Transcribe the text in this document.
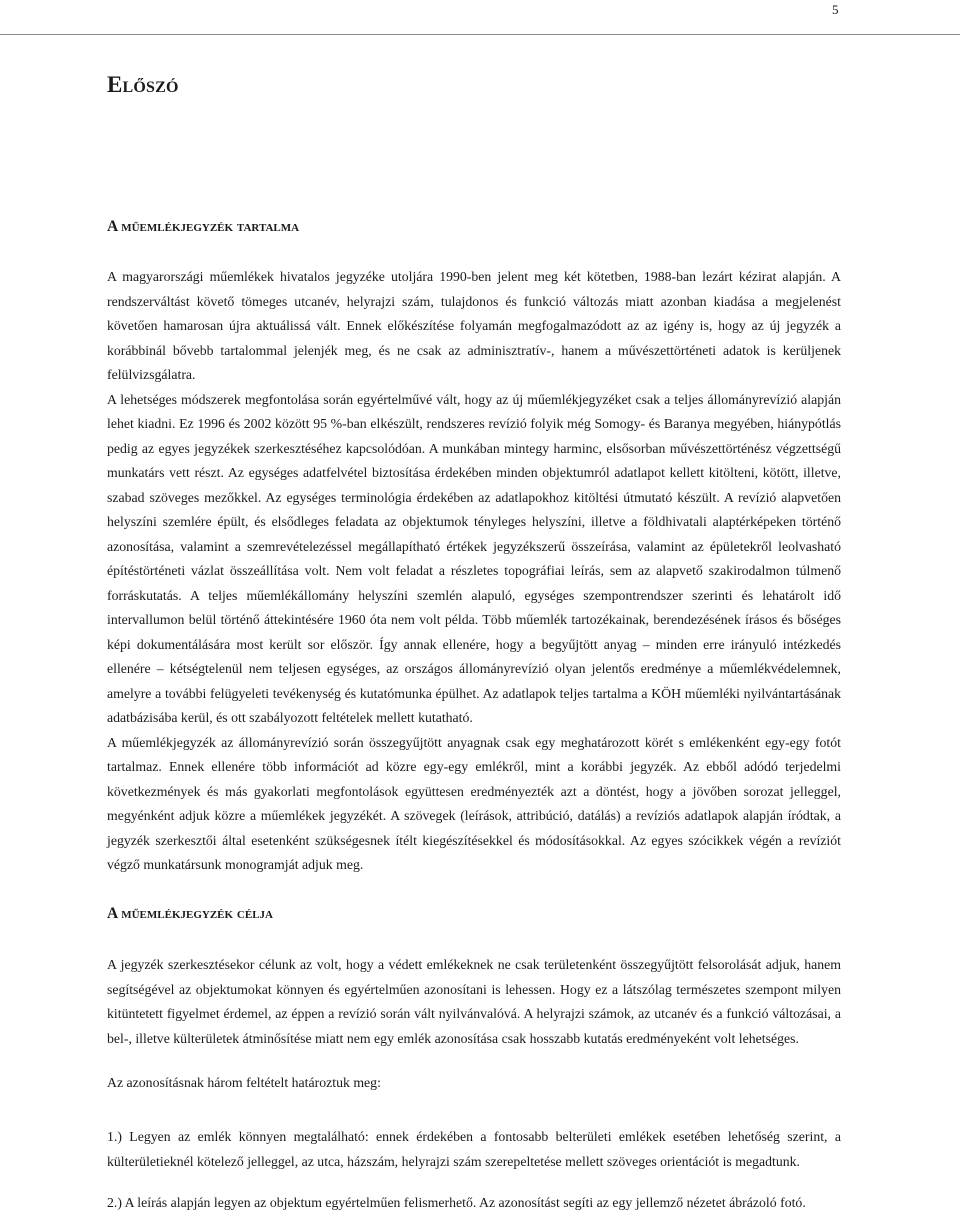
5
Előszó
A műemlékjegyzék tartalma

A magyarországi műemlékek hivatalos jegyzéke utoljára 1990-ben jelent meg két kötetben, 1988-ban lezárt kézirat alapján. A rendszerváltást követő tömeges utcanév, helyrajzi szám, tulajdonos és funkció változás miatt azonban kiadása a megjelenést követően hamarosan újra aktuálissá vált. Ennek előkészítése folyamán megfogalmazódott az az igény is, hogy az új jegyzék a korábbinál bővebb tartalommal jelenjék meg, és ne csak az adminisztratív-, hanem a művészettörténeti adatok is kerüljenek felülvizsgálatra.

A lehetséges módszerek megfontolása során egyértelművé vált, hogy az új műemlékjegyzéket csak a teljes állományrevízió alapján lehet kiadni. Ez 1996 és 2002 között 95 %-ban elkészült, rendszeres revízió folyik még Somogy- és Baranya megyében, hiánypótlás pedig az egyes jegyzékek szerkesztéséhez kapcsolódóan. A munkában mintegy harminc, elsősorban művészettörténész végzettségű munkatárs vett részt. Az egységes adatfelvétel biztosítása érdekében minden objektumról adatlapot kellett kitölteni, kötött, illetve, szabad szöveges mezőkkel. Az egységes terminológia érdekében az adatlapokhoz kitöltési útmutató készült. A revízió alapvetően helyszíni szemlére épült, és elsődleges feladata az objektumok tényleges helyszíni, illetve a földhivatali alaptérképeken történő azonosítása, valamint a szemrevételezéssel megállapítható értékek jegyzékszerű összeírása, valamint az épületekről leolvasható építéstörténeti vázlat összeállítása volt. Nem volt feladat a részletes topográfiai leírás, sem az alapvető szakirodalmon túlmenő forráskutatás. A teljes műemlékállomány helyszíni szemlén alapuló, egységes szempontrendszer szerinti és lehatárolt idő intervallumon belül történő áttekintésére 1960 óta nem volt példa. Több műemlék tartozékainak, berendezésének írásos és bőséges képi dokumentálására most került sor először. Így annak ellenére, hogy a begyűjtött anyag – minden erre irányuló intézkedés ellenére – kétségtelenül nem teljesen egységes, az országos állományrevízió olyan jelentős eredménye a műemlékvédelemnek, amelyre a további felügyeleti tevékenység és kutatómunka épülhet. Az adatlapok teljes tartalma a KÖH műemléki nyilvántartásának adatbázisába kerül, és ott szabályozott feltételek mellett kutatható.

A műemlékjegyzék az állományrevízió során összegyűjtött anyagnak csak egy meghatározott körét s emlékenként egy-egy fotót tartalmaz. Ennek ellenére több információt ad közre egy-egy emlékről, mint a korábbi jegyzék. Az ebből adódó terjedelmi következmények és más gyakorlati megfontolások együttesen eredményezték azt a döntést, hogy a jövőben sorozat jelleggel, megyénként adjuk közre a műemlékek jegyzékét. A szövegek (leírások, attribúció, datálás) a revíziós adatlapok alapján íródtak, a jegyzék szerkesztői által esetenként szükségesnek ítélt kiegészítésekkel és módosításokkal. Az egyes szócikkek végén a revíziót végző munkatársunk monogramját adjuk meg.

A műemlékjegyzék célja

A jegyzék szerkesztésekor célunk az volt, hogy a védett emlékeknek ne csak területenként összegyűjtött felsorolását adjuk, hanem segítségével az objektumokat könnyen és egyértelműen azonosítani is lehessen. Hogy ez a látszólag természetes szempont milyen kitüntetett figyelmet érdemel, az éppen a revízió során vált nyilvánvalóvá. A helyrajzi számok, az utcanév és a funkció változásai, a bel-, illetve külterületek átminősítése miatt nem egy emlék azonosítása csak hosszabb kutatás eredményeként volt lehetséges.

Az azonosításnak három feltételt határoztuk meg:

1.) Legyen az emlék könnyen megtalálható: ennek érdekében a fontosabb belterületi emlékek esetében lehetőség szerint, a külterületieknél kötelező jelleggel, az utca, házszám, helyrajzi szám szerepeltetése mellett szöveges orientációt is megadtunk.

2.) A leírás alapján legyen az objektum egyértelműen felismerhető. Az azonosítást segíti az egy jellemző nézetet ábrázoló fotó.
